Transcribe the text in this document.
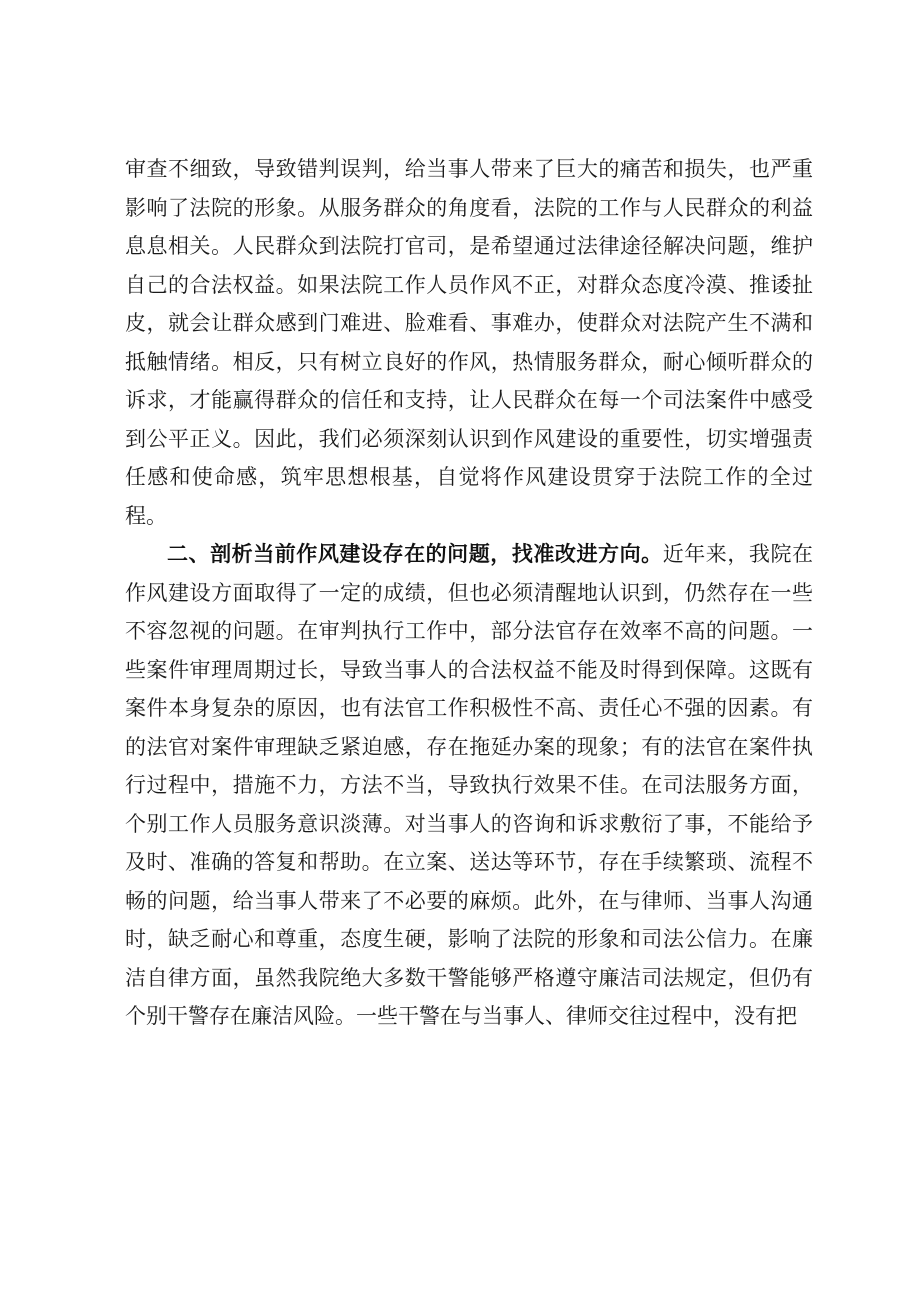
审查不细致，导致错判误判，给当事人带来了巨大的痛苦和损失，也严重影响了法院的形象。从服务群众的角度看，法院的工作与人民群众的利益息息相关。人民群众到法院打官司，是希望通过法律途径解决问题，维护自己的合法权益。如果法院工作人员作风不正，对群众态度冷漠、推诿扯皮，就会让群众感到门难进、脸难看、事难办，使群众对法院产生不满和抵触情绪。相反，只有树立良好的作风，热情服务群众，耐心倾听群众的诉求，才能赢得群众的信任和支持，让人民群众在每一个司法案件中感受到公平正义。因此，我们必须深刻认识到作风建设的重要性，切实增强责任感和使命感，筑牢思想根基，自觉将作风建设贯穿于法院工作的全过程。

二、剖析当前作风建设存在的问题，找准改进方向。近年来，我院在作风建设方面取得了一定的成绩，但也必须清醒地认识到，仍然存在一些不容忽视的问题。在审判执行工作中，部分法官存在效率不高的问题。一些案件审理周期过长，导致当事人的合法权益不能及时得到保障。这既有案件本身复杂的原因，也有法官工作积极性不高、责任心不强的因素。有的法官对案件审理缺乏紧迫感，存在拖延办案的现象；有的法官在案件执行过程中，措施不力，方法不当，导致执行效果不佳。在司法服务方面，个别工作人员服务意识淡薄。对当事人的咨询和诉求敷衍了事，不能给予及时、准确的答复和帮助。在立案、送达等环节，存在手续繁琐、流程不畅的问题，给当事人带来了不必要的麻烦。此外，在与律师、当事人沟通时，缺乏耐心和尊重，态度生硬，影响了法院的形象和司法公信力。在廉洁自律方面，虽然我院绝大多数干警能够严格遵守廉洁司法规定，但仍有个别干警存在廉洁风险。一些干警在与当事人、律师交往过程中，没有把
